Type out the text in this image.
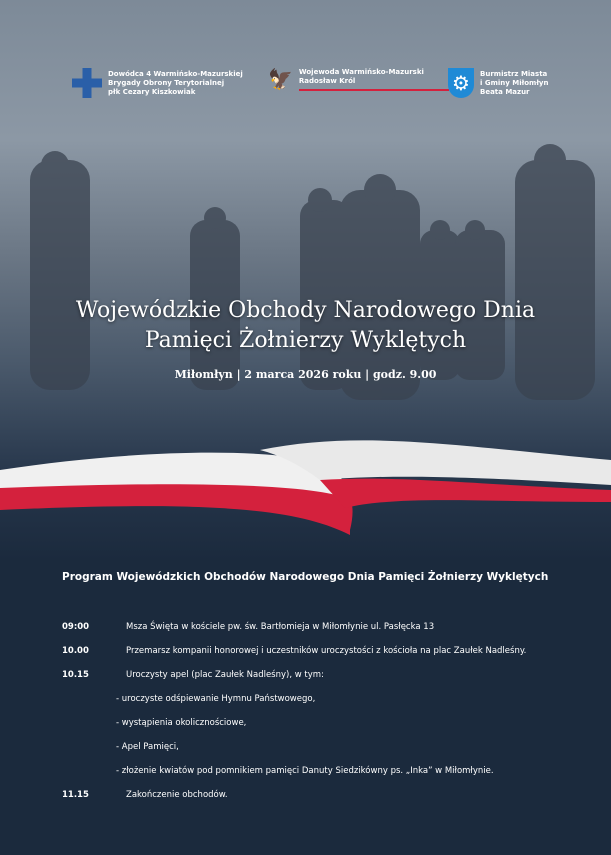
Dowódca 4 Warmińsko-Mazurskiej
Brygady Obrony Terytorialnej
płk Cezary Kiszkowiak
🦅 Wojewoda Warmińsko-Mazurski
Radosław Król	⚙	Burmistrz Miasta
i Gminy Miłomłyn
Beata Mazur
Wojewódzkie Obchody Narodowego Dnia
Pamięci Żołnierzy Wyklętych
Miłomłyn | 2 marca 2026 roku | godz. 9.00
Program Wojewódzkich Obchodów Narodowego Dnia Pamięci Żołnierzy Wyklętych
09:00	Msza Święta w kościele pw. św. Bartłomieja w Miłomłynie ul. Pasłęcka 13
10.00	Przemarsz kompanii honorowej i uczestników uroczystości z kościoła na plac Zaułek Nadleśny.
10.15	Uroczysty apel (plac Zaułek Nadleśny), w tym:
- uroczyste odśpiewanie Hymnu Państwowego,
- wystąpienia okolicznościowe,
- Apel Pamięci,
- złożenie kwiatów pod pomnikiem pamięci Danuty Siedzikówny ps. „Inka” w Miłomłynie.
11.15	Zakończenie obchodów.
